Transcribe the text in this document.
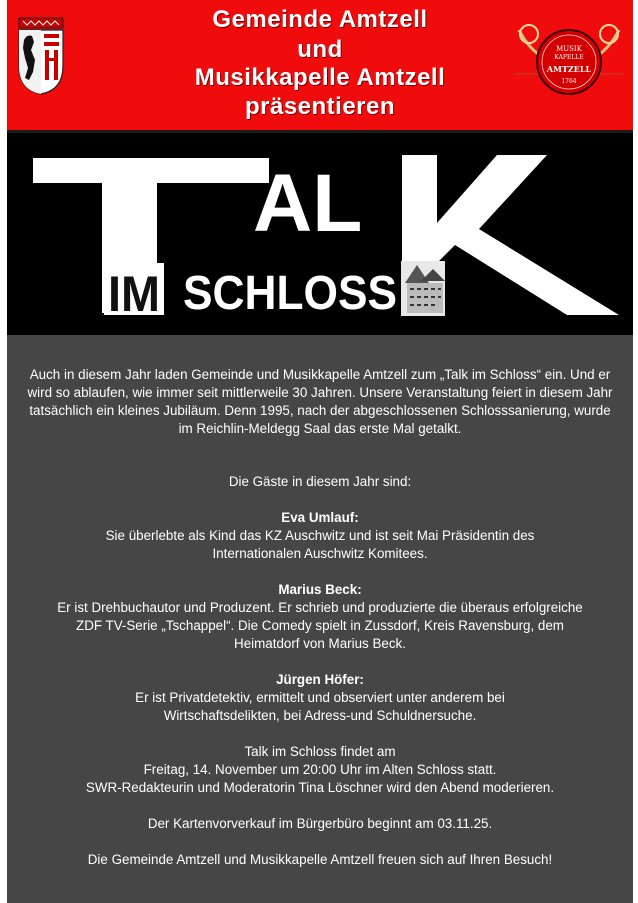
Gemeinde Amtzell
und
Musikkapelle Amtzell
präsentieren
MUSIK
KAPELLE
AMTZELL
1764
AL
IM SCHLOSS
Auch in diesem Jahr laden Gemeinde und Musikkapelle Amtzell zum „Talk im Schloss“ ein. Und er wird so ablaufen, wie immer seit mittlerweile 30 Jahren. Unsere Veranstaltung feiert in diesem Jahr tatsächlich ein kleines Jubiläum. Denn 1995, nach der abgeschlossenen Schlosssanierung, wurde im Reichlin-Meldegg Saal das erste Mal getalkt.
Die Gäste in diesem Jahr sind:
Eva Umlauf:
Sie überlebte als Kind das KZ Auschwitz und ist seit Mai Präsidentin des Internationalen Auschwitz Komitees.
Marius Beck:
Er ist Drehbuchautor und Produzent. Er schrieb und produzierte die überaus erfolgreiche ZDF TV-Serie „Tschappel“. Die Comedy spielt in Zussdorf, Kreis Ravensburg, dem Heimatdorf von Marius Beck.
Jürgen Höfer:
Er ist Privatdetektiv, ermittelt und observiert unter anderem bei Wirtschaftsdelikten, bei Adress-und Schuldnersuche.
Talk im Schloss findet am
Freitag, 14. November um 20:00 Uhr im Alten Schloss statt.
SWR-Redakteurin und Moderatorin Tina Löschner wird den Abend moderieren.
Der Kartenvorverkauf im Bürgerbüro beginnt am 03.11.25.
Die Gemeinde Amtzell und Musikkapelle Amtzell freuen sich auf Ihren Besuch!
